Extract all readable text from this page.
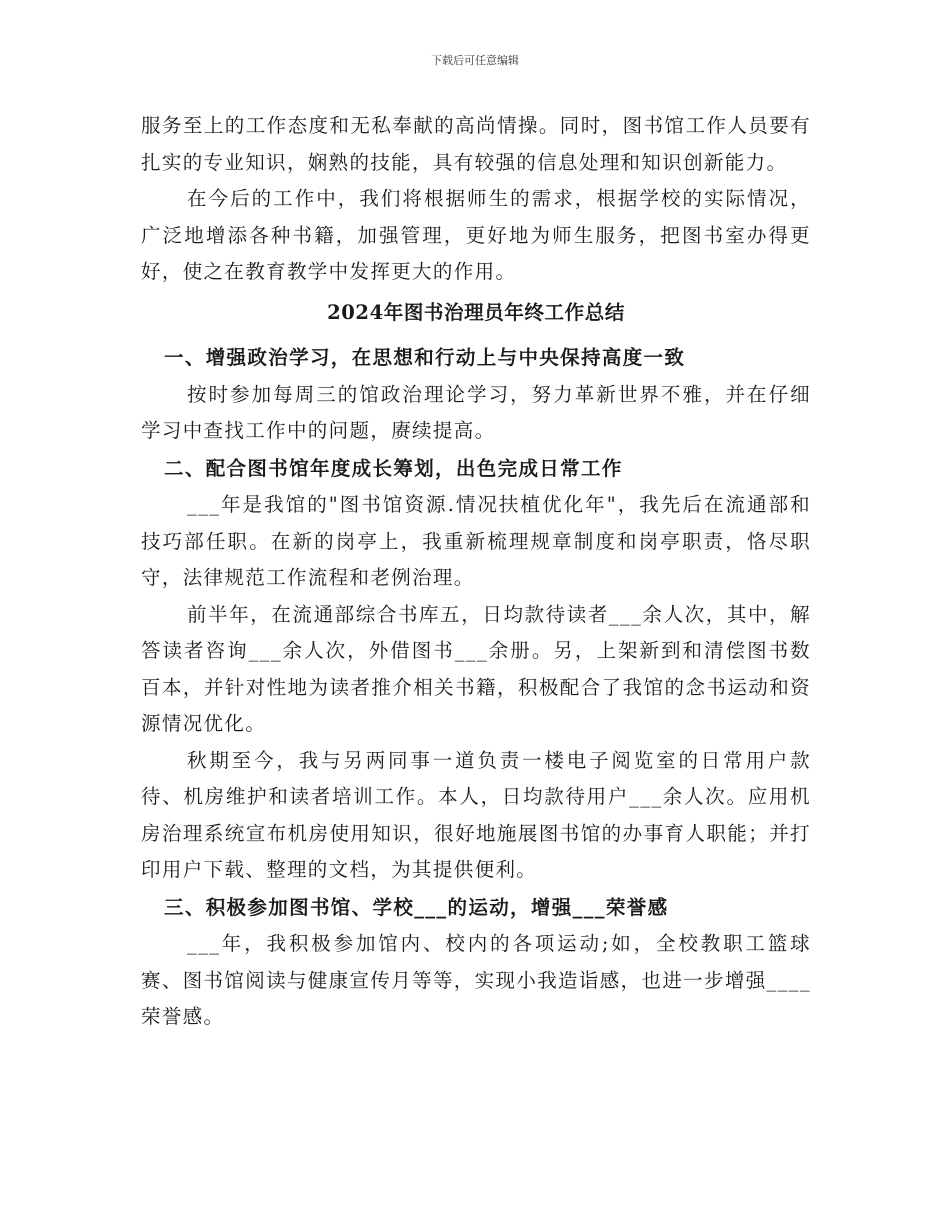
下载后可任意编辑

服务至上的工作态度和无私奉献的高尚情操。同时，图书馆工作人员要有扎实的专业知识，娴熟的技能，具有较强的信息处理和知识创新能力。

在今后的工作中，我们将根据师生的需求，根据学校的实际情况，广泛地增添各种书籍，加强管理，更好地为师生服务，把图书室办得更好，使之在教育教学中发挥更大的作用。

2024年图书治理员年终工作总结

一、增强政治学习，在思想和行动上与中央保持高度一致

按时参加每周三的馆政治理论学习，努力革新世界不雅，并在仔细学习中查找工作中的问题，赓续提高。

二、配合图书馆年度成长筹划，出色完成日常工作

___年是我馆的"图书馆资源.情况扶植优化年"，我先后在流通部和技巧部任职。在新的岗亭上，我重新梳理规章制度和岗亭职责，恪尽职守，法律规范工作流程和老例治理。

前半年，在流通部综合书库五，日均款待读者___余人次，其中，解答读者咨询___余人次，外借图书___余册。另，上架新到和清偿图书数百本，并针对性地为读者推介相关书籍，积极配合了我馆的念书运动和资源情况优化。

秋期至今，我与另两同事一道负责一楼电子阅览室的日常用户款待、机房维护和读者培训工作。本人，日均款待用户___余人次。应用机房治理系统宣布机房使用知识，很好地施展图书馆的办事育人职能；并打印用户下载、整理的文档，为其提供便利。

三、积极参加图书馆、学校___的运动，增强___荣誉感

___年，我积极参加馆内、校内的各项运动;如，全校教职工篮球赛、图书馆阅读与健康宣传月等等，实现小我造诣感，也进一步增强____荣誉感。
